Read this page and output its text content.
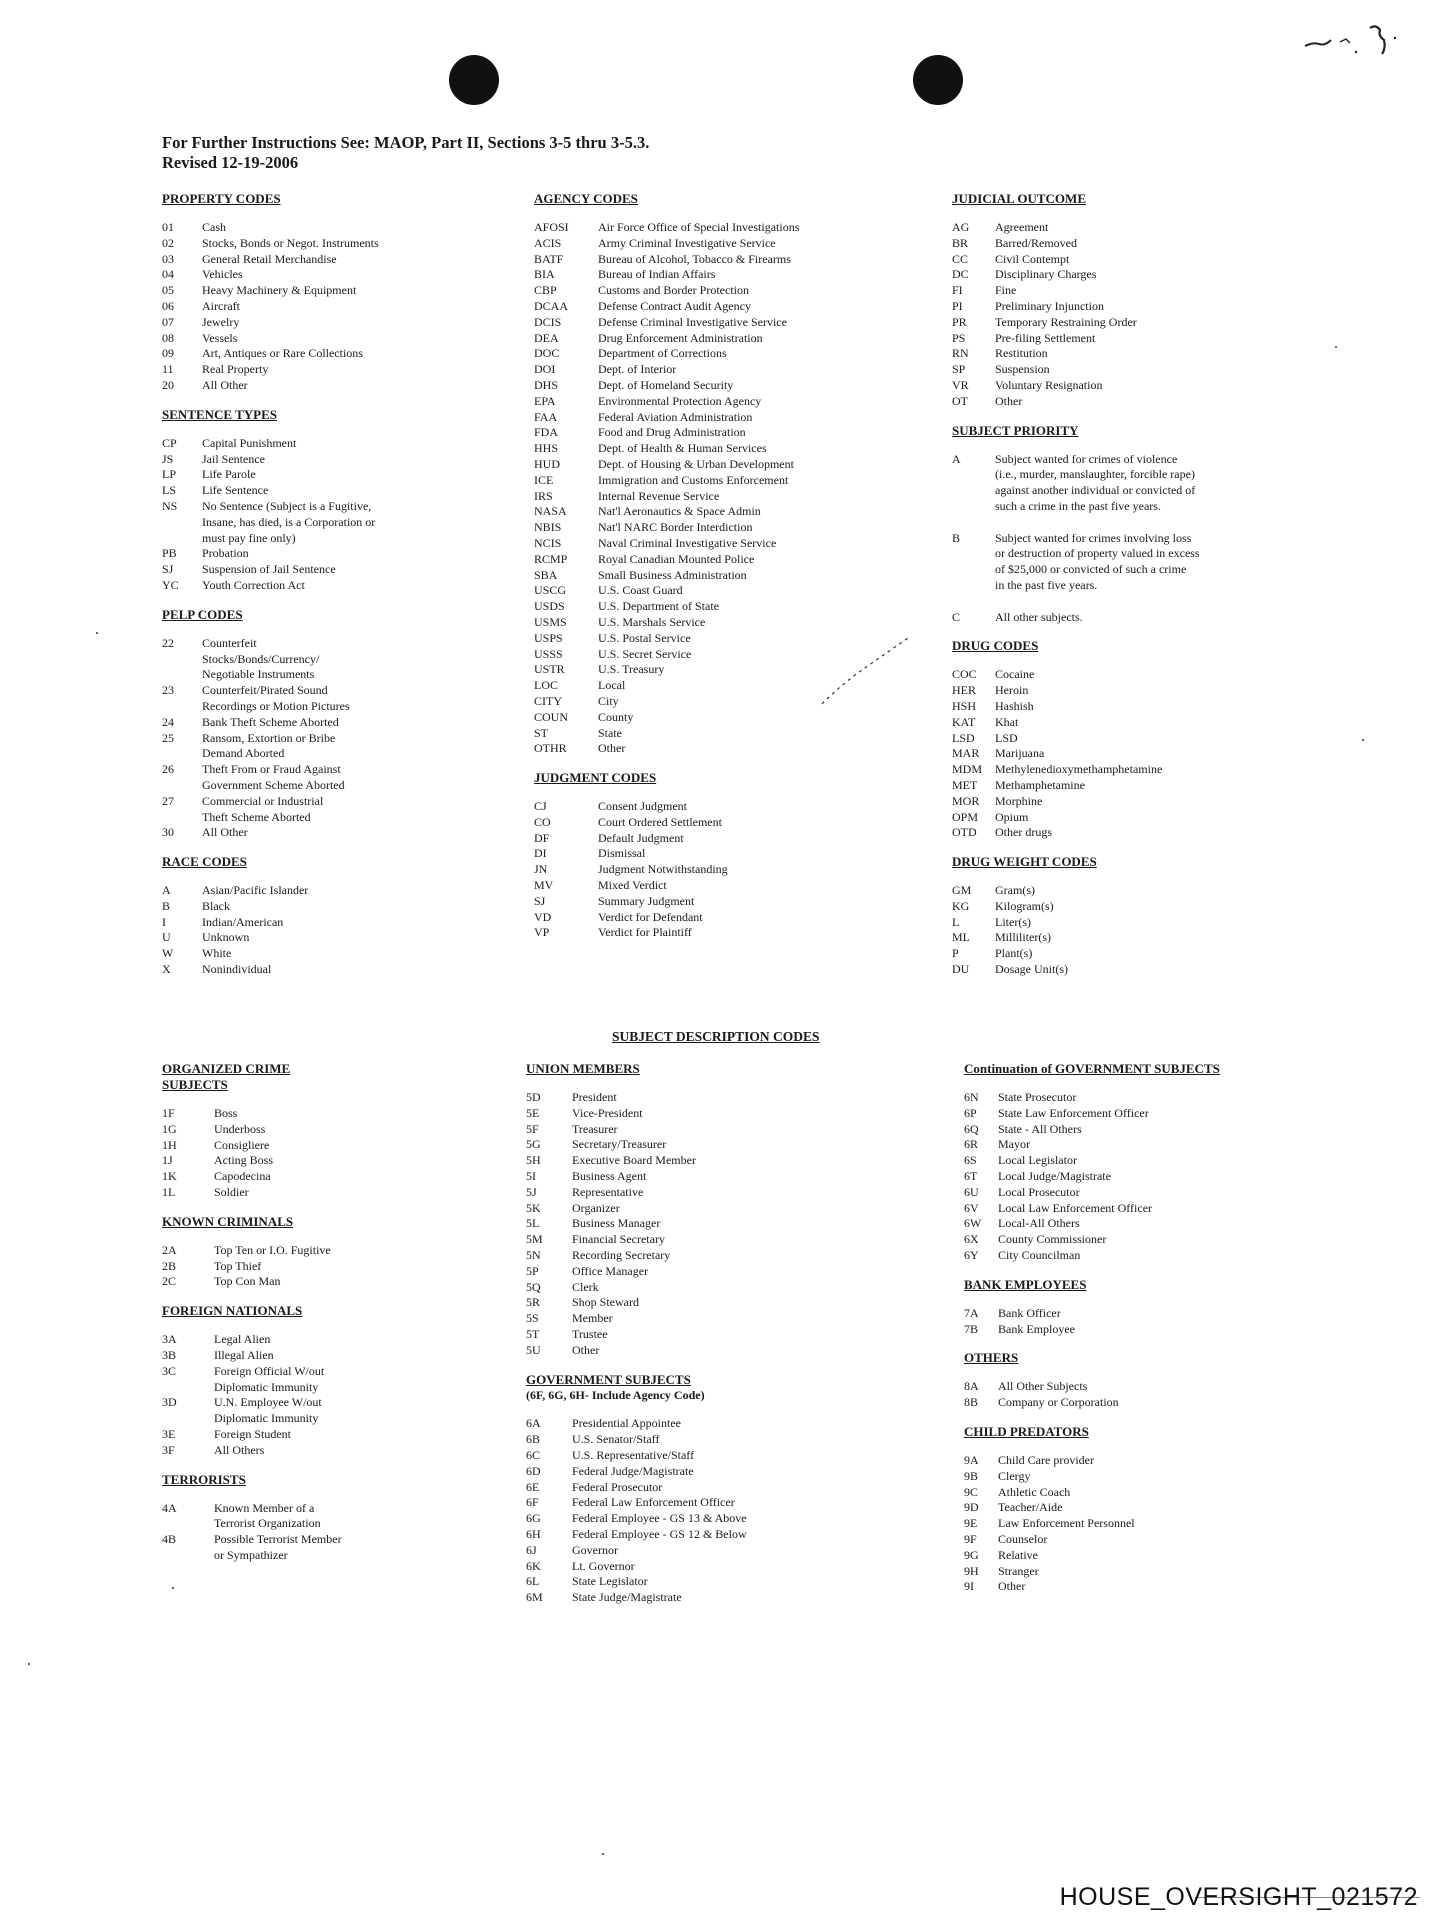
For Further Instructions See: MAOP, Part II, Sections 3-5 thru 3-5.3.
Revised 12-19-2006
PROPERTY CODES
01	Cash
02	Stocks, Bonds or Negot. Instruments
03	General Retail Merchandise
04	Vehicles
05	Heavy Machinery & Equipment
06	Aircraft
07	Jewelry
08	Vessels
09	Art, Antiques or Rare Collections
11	Real Property
20	All Other
SENTENCE TYPES
CP	Capital Punishment
JS	Jail Sentence
LP	Life Parole
LS	Life Sentence
NS	No Sentence (Subject is a Fugitive,
Insane, has died, is a Corporation or
must pay fine only)
PB	Probation
SJ	Suspension of Jail Sentence
YC	Youth Correction Act
PELP CODES
22	Counterfeit
Stocks/Bonds/Currency/
Negotiable Instruments
23	Counterfeit/Pirated Sound
Recordings or Motion Pictures
24	Bank Theft Scheme Aborted
25	Ransom, Extortion or Bribe
Demand Aborted
26	Theft From or Fraud Against
Government Scheme Aborted
27	Commercial or Industrial
Theft Scheme Aborted
30	All Other
RACE CODES
A	Asian/Pacific Islander
B	Black
I	Indian/American
U	Unknown
W	White
X	Nonindividual
AGENCY CODES
AFOSI	Air Force Office of Special Investigations
ACIS	Army Criminal Investigative Service
BATF	Bureau of Alcohol, Tobacco & Firearms
BIA	Bureau of Indian Affairs
CBP	Customs and Border Protection
DCAA	Defense Contract Audit Agency
DCIS	Defense Criminal Investigative Service
DEA	Drug Enforcement Administration
DOC	Department of Corrections
DOI	Dept. of Interior
DHS	Dept. of Homeland Security
EPA	Environmental Protection Agency
FAA	Federal Aviation Administration
FDA	Food and Drug Administration
HHS	Dept. of Health & Human Services
HUD	Dept. of Housing & Urban Development
ICE	Immigration and Customs Enforcement
IRS	Internal Revenue Service
NASA	Nat'l Aeronautics & Space Admin
NBIS	Nat'l NARC Border Interdiction
NCIS	Naval Criminal Investigative Service
RCMP	Royal Canadian Mounted Police
SBA	Small Business Administration
USCG	U.S. Coast Guard
USDS	U.S. Department of State
USMS	U.S. Marshals Service
USPS	U.S. Postal Service
USSS	U.S. Secret Service
USTR	U.S. Treasury
LOC	Local
CITY	City
COUN	County
ST	State
OTHR	Other
JUDGMENT CODES
CJ	Consent Judgment
CO	Court Ordered Settlement
DF	Default Judgment
DI	Dismissal
JN	Judgment Notwithstanding
MV	Mixed Verdict
SJ	Summary Judgment
VD	Verdict for Defendant
VP	Verdict for Plaintiff
JUDICIAL OUTCOME
AG	Agreement
BR	Barred/Removed
CC	Civil Contempt
DC	Disciplinary Charges
FI	Fine
PI	Preliminary Injunction
PR	Temporary Restraining Order
PS	Pre-filing Settlement
RN	Restitution
SP	Suspension
VR	Voluntary Resignation
OT	Other
SUBJECT PRIORITY
A	Subject wanted for crimes of violence
(i.e., murder, manslaughter, forcible rape)
against another individual or convicted of
such a crime in the past five years.
B	Subject wanted for crimes involving loss
or destruction of property valued in excess
of $25,000 or convicted of such a crime
in the past five years.
C	All other subjects.
DRUG CODES
COC	Cocaine
HER	Heroin
HSH	Hashish
KAT	Khat
LSD	LSD
MAR	Marijuana
MDM	Methylenedioxymethamphetamine
MET	Methamphetamine
MOR	Morphine
OPM	Opium
OTD	Other drugs
DRUG WEIGHT CODES
GM	Gram(s)
KG	Kilogram(s)
L	Liter(s)
ML	Milliliter(s)
P	Plant(s)
DU	Dosage Unit(s)
SUBJECT DESCRIPTION CODES
ORGANIZED CRIME
SUBJECTS
1F	Boss
1G	Underboss
1H	Consigliere
1J	Acting Boss
1K	Capodecina
1L	Soldier
KNOWN CRIMINALS
2A	Top Ten or I.O. Fugitive
2B	Top Thief
2C	Top Con Man
FOREIGN NATIONALS
3A	Legal Alien
3B	Illegal Alien
3C	Foreign Official W/out
Diplomatic Immunity
3D	U.N. Employee W/out
Diplomatic Immunity
3E	Foreign Student
3F	All Others
TERRORISTS
4A	Known Member of a
Terrorist Organization
4B	Possible Terrorist Member
or Sympathizer
UNION MEMBERS
5D	President
5E	Vice-President
5F	Treasurer
5G	Secretary/Treasurer
5H	Executive Board Member
5I	Business Agent
5J	Representative
5K	Organizer
5L	Business Manager
5M	Financial Secretary
5N	Recording Secretary
5P	Office Manager
5Q	Clerk
5R	Shop Steward
5S	Member
5T	Trustee
5U	Other
GOVERNMENT SUBJECTS
(6F, 6G, 6H- Include Agency Code)
6A	Presidential Appointee
6B	U.S. Senator/Staff
6C	U.S. Representative/Staff
6D	Federal Judge/Magistrate
6E	Federal Prosecutor
6F	Federal Law Enforcement Officer
6G	Federal Employee - GS 13 & Above
6H	Federal Employee - GS 12 & Below
6J	Governor
6K	Lt. Governor
6L	State Legislator
6M	State Judge/Magistrate
Continuation of GOVERNMENT SUBJECTS
6N	State Prosecutor
6P	State Law Enforcement Officer
6Q	State - All Others
6R	Mayor
6S	Local Legislator
6T	Local Judge/Magistrate
6U	Local Prosecutor
6V	Local Law Enforcement Officer
6W	Local-All Others
6X	County Commissioner
6Y	City Councilman
BANK EMPLOYEES
7A	Bank Officer
7B	Bank Employee
OTHERS
8A	All Other Subjects
8B	Company or Corporation
CHILD PREDATORS
9A	Child Care provider
9B	Clergy
9C	Athletic Coach
9D	Teacher/Aide
9E	Law Enforcement Personnel
9F	Counselor
9G	Relative
9H	Stranger
9I	Other
HOUSE_OVERSIGHT_021572
